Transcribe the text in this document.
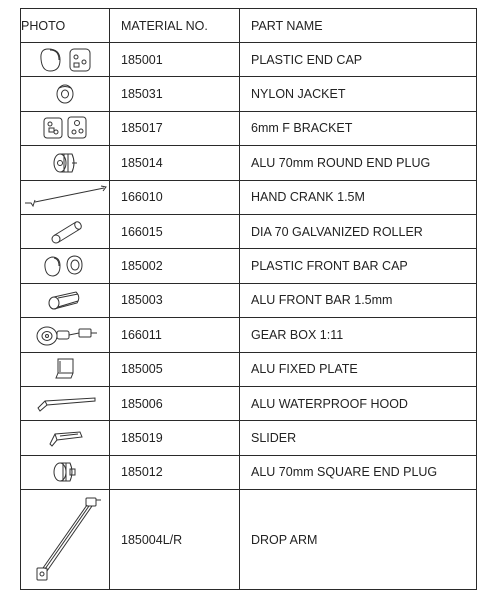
PHOTO	MATERIAL NO.	PART NAME

	185001	PLASTIC END CAP

	185031	NYLON JACKET

	185017	6mm F BRACKET

	185014	ALU 70mm ROUND END PLUG

	166010	HAND CRANK 1.5M

	166015	DIA 70 GALVANIZED ROLLER

	185002	PLASTIC FRONT BAR CAP

	185003	ALU FRONT BAR 1.5mm

	166011	GEAR BOX 1:11

	185005	ALU FIXED PLATE

	185006	ALU WATERPROOF HOOD

	185019	SLIDER

	185012	ALU 70mm SQUARE END PLUG

	185004L/R	DROP ARM
